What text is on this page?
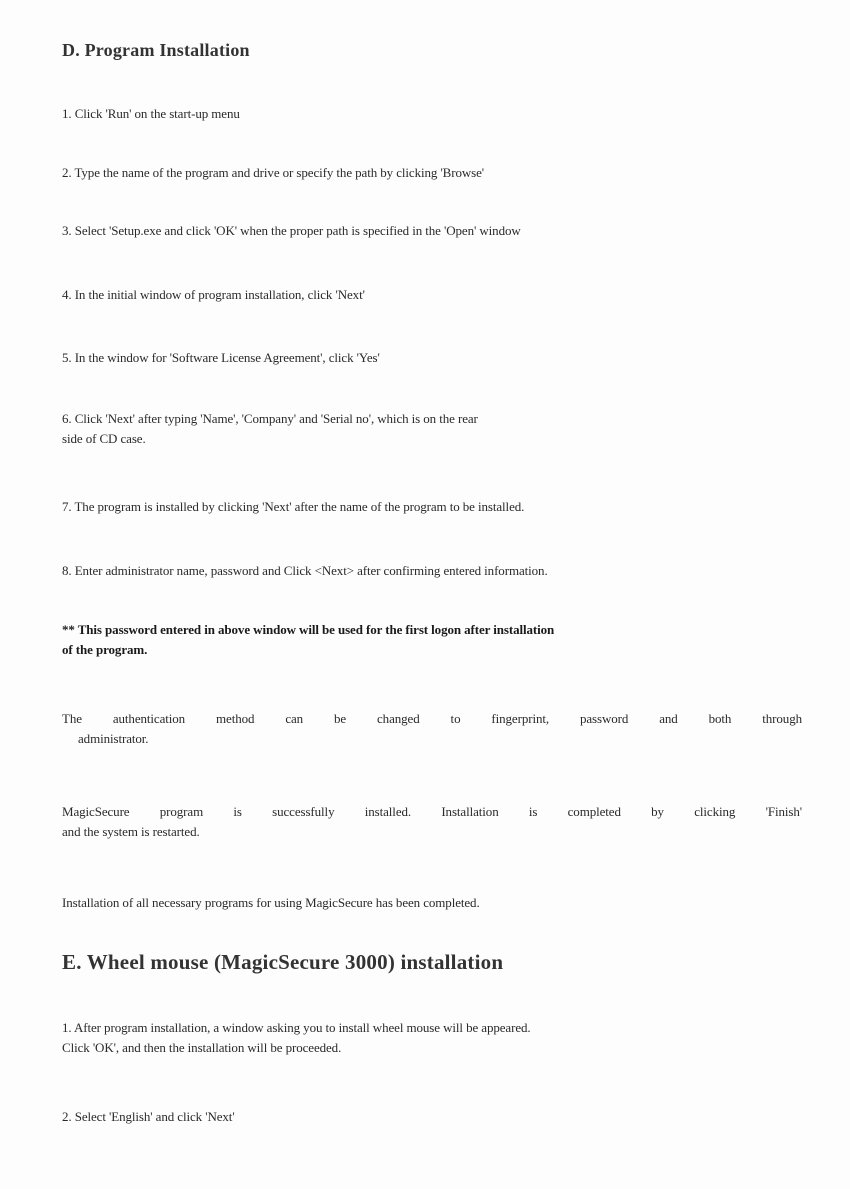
D. Program Installation

1. Click 'Run' on the start-up menu

2. Type the name of the program and drive or specify the path by clicking 'Browse'

3. Select 'Setup.exe and click 'OK' when the proper path is specified in the 'Open' window

4. In the initial window of program installation, click 'Next'

5. In the window for 'Software License Agreement', click 'Yes'

6. Click 'Next' after typing 'Name', 'Company' and 'Serial no', which is on the rear
side of CD case.

7. The program is installed by clicking 'Next' after the name of the program to be installed.

8. Enter administrator name, password and Click <Next> after confirming entered information.

** This password entered in above window will be used for the first logon after installation
of the program.
The authentication method can be changed to fingerprint, password and both through
administrator.
MagicSecure program is successfully installed. Installation is completed by clicking 'Finish'
and the system is restarted.

Installation of all necessary programs for using MagicSecure has been completed.

E. Wheel mouse (MagicSecure 3000) installation
1. After program installation, a window asking you to install wheel mouse will be appeared.
Click 'OK', and then the installation will be proceeded.

2. Select 'English' and click 'Next'
